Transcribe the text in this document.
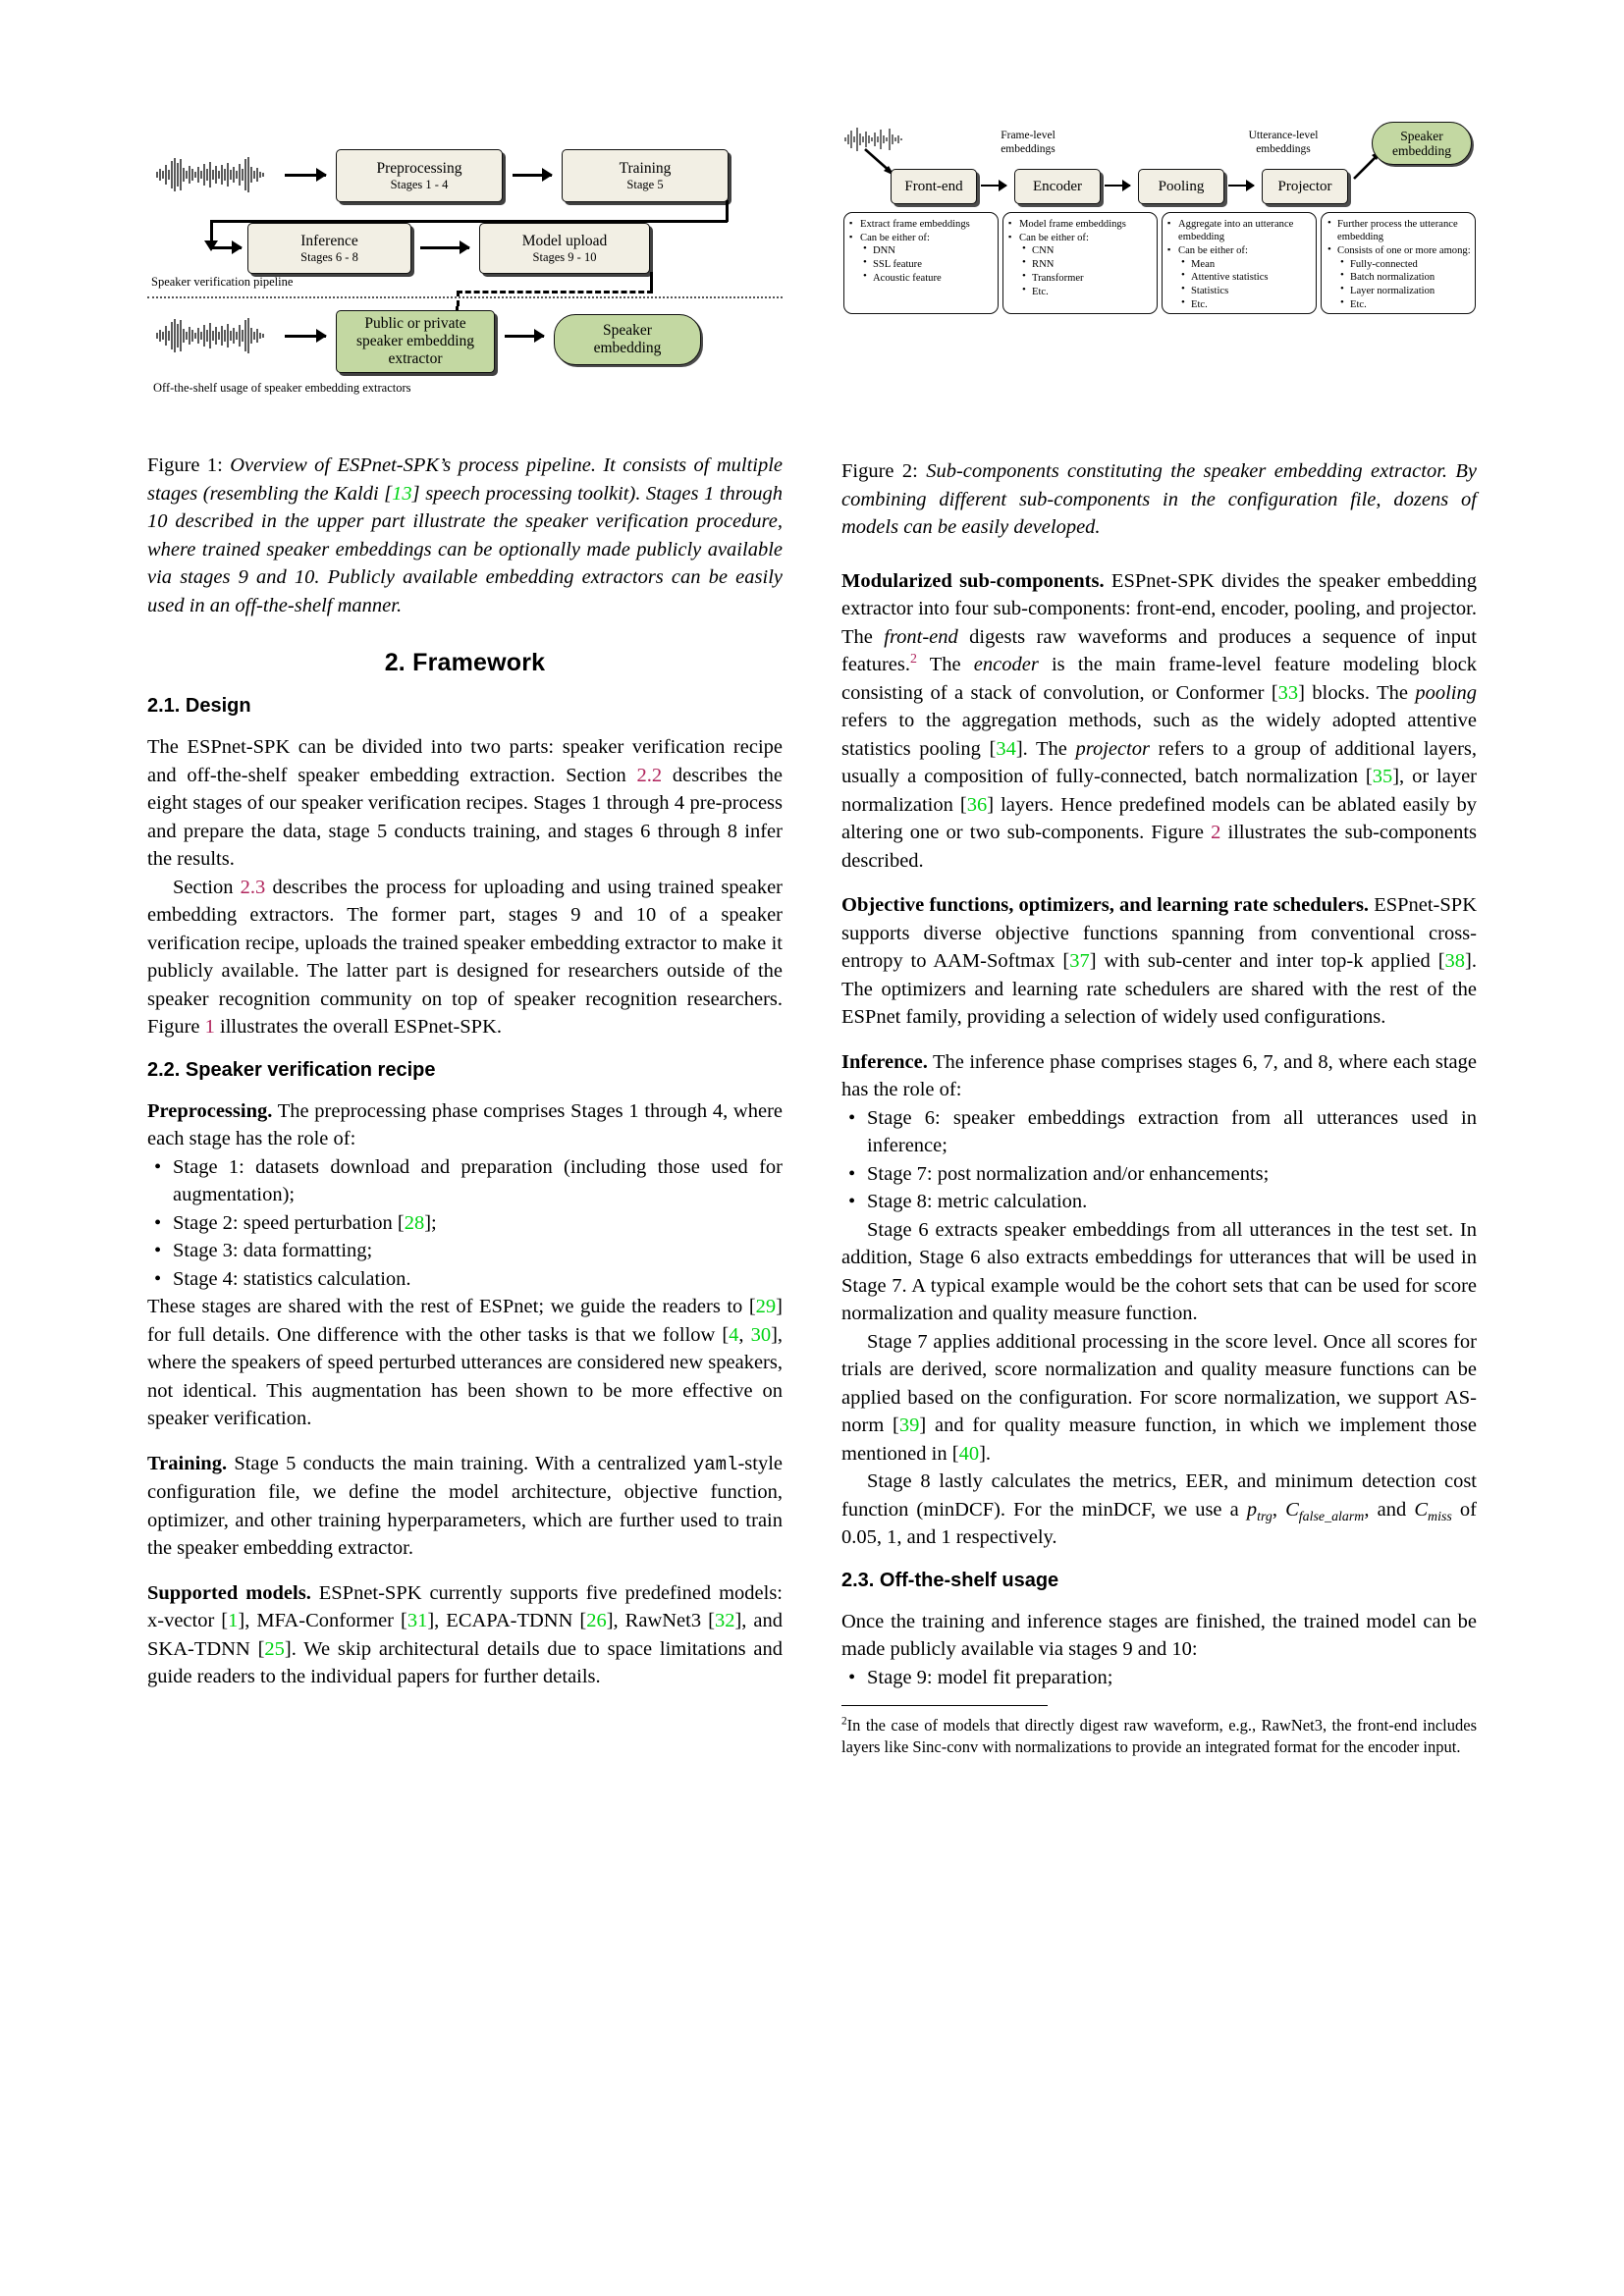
Preprocessing
Stages 1 - 4
Training
Stage 5
Inference
Stages 6 - 8
Model upload
Stages 9 - 10
Speaker verification pipeline
Public or private
speaker embedding
extractor
Speaker
embedding
Off-the-shelf usage of speaker embedding extractors
Figure 1: Overview of ESPnet-SPK’s process pipeline. It consists of multiple stages (resembling the Kaldi [13] speech processing toolkit). Stages 1 through 10 described in the upper part illustrate the speaker verification procedure, where trained speaker embeddings can be optionally made publicly available via stages 9 and 10. Publicly available embedding extractors can be easily used in an off-the-shelf manner.
2. Framework
2.1. Design

The ESPnet-SPK can be divided into two parts: speaker verification recipe and off-the-shelf speaker embedding extraction. Section 2.2 describes the eight stages of our speaker verification recipes. Stages 1 through 4 pre-process and prepare the data, stage 5 conducts training, and stages 6 through 8 infer the results.

Section 2.3 describes the process for uploading and using trained speaker embedding extractors. The former part, stages 9 and 10 of a speaker verification recipe, uploads the trained speaker embedding extractor to make it publicly available. The latter part is designed for researchers outside of the speaker recognition community on top of speaker recognition researchers. Figure 1 illustrates the overall ESPnet-SPK.

2.2. Speaker verification recipe

Preprocessing. The preprocessing phase comprises Stages 1 through 4, where each stage has the role of:

• Stage 1: datasets download and preparation (including those used for augmentation);
• Stage 2: speed perturbation [28];
• Stage 3: data formatting;
• Stage 4: statistics calculation.

These stages are shared with the rest of ESPnet; we guide the readers to [29] for full details. One difference with the other tasks is that we follow [4, 30], where the speakers of speed perturbed utterances are considered new speakers, not identical. This augmentation has been shown to be more effective on speaker verification.

Training. Stage 5 conducts the main training. With a centralized yaml-style configuration file, we define the model architecture, objective function, optimizer, and other training hyperparameters, which are further used to train the speaker embedding extractor.

Supported models. ESPnet-SPK currently supports five predefined models: x-vector [1], MFA-Conformer [31], ECAPA-TDNN [26], RawNet3 [32], and SKA-TDNN [25]. We skip architectural details due to space limitations and guide readers to the individual papers for further details.

Front-end	Encoder	Pooling	Projector
Speaker
embedding
Frame-level
embeddings
Utterance-level
embeddings
▪ Extract frame embeddings
▪ Can be either of:
• DNN
• SSL feature
• Acoustic feature
▪ Model frame embeddings
▪ Can be either of:
• CNN
• RNN
• Transformer
• Etc.
▪ Aggregate into an utterance embedding
▪ Can be either of:
• Mean
• Attentive statistics
• Statistics
• Etc.
• Further process the utterance embedding
• Consists of one or more among:
• Fully-connected
• Batch normalization
• Layer normalization
• Etc.
Figure 2: Sub-components constituting the speaker embedding extractor. By combining different sub-components in the configuration file, dozens of models can be easily developed.

Modularized sub-components. ESPnet-SPK divides the speaker embedding extractor into four sub-components: front-end, encoder, pooling, and projector. The front-end digests raw waveforms and produces a sequence of input features.$^2$ The encoder is the main frame-level feature modeling block consisting of a stack of convolution, or Conformer [33] blocks. The pooling refers to the aggregation methods, such as the widely adopted attentive statistics pooling [34]. The projector refers to a group of additional layers, usually a composition of fully-connected, batch normalization [35], or layer normalization [36] layers. Hence predefined models can be ablated easily by altering one or two sub-components. Figure 2 illustrates the sub-components described.

Objective functions, optimizers, and learning rate schedulers. ESPnet-SPK supports diverse objective functions spanning from conventional cross-entropy to AAM-Softmax [37] with sub-center and inter top-k applied [38]. The optimizers and learning rate schedulers are shared with the rest of the ESPnet family, providing a selection of widely used configurations.

Inference. The inference phase comprises stages 6, 7, and 8, where each stage has the role of:

• Stage 6: speaker embeddings extraction from all utterances used in inference;
• Stage 7: post normalization and/or enhancements;
• Stage 8: metric calculation.

Stage 6 extracts speaker embeddings from all utterances in the test set. In addition, Stage 6 also extracts embeddings for utterances that will be used in Stage 7. A typical example would be the cohort sets that can be used for score normalization and quality measure function.

Stage 7 applies additional processing in the score level. Once all scores for trials are derived, score normalization and quality measure functions can be applied based on the configuration. For score normalization, we support AS-norm [39] and for quality measure function, in which we implement those mentioned in [40].

Stage 8 lastly calculates the metrics, EER, and minimum detection cost function (minDCF). For the minDCF, we use a $p_{trg}$, $C_{false\_alarm}$, and $C_{miss}$ of 0.05, 1, and 1 respectively.

2.3. Off-the-shelf usage

Once the training and inference stages are finished, the trained model can be made publicly available via stages 9 and 10:

• Stage 9: model fit preparation;

$^2$In the case of models that directly digest raw waveform, e.g., RawNet3, the front-end includes layers like Sinc-conv with normalizations to provide an integrated format for the encoder input.
